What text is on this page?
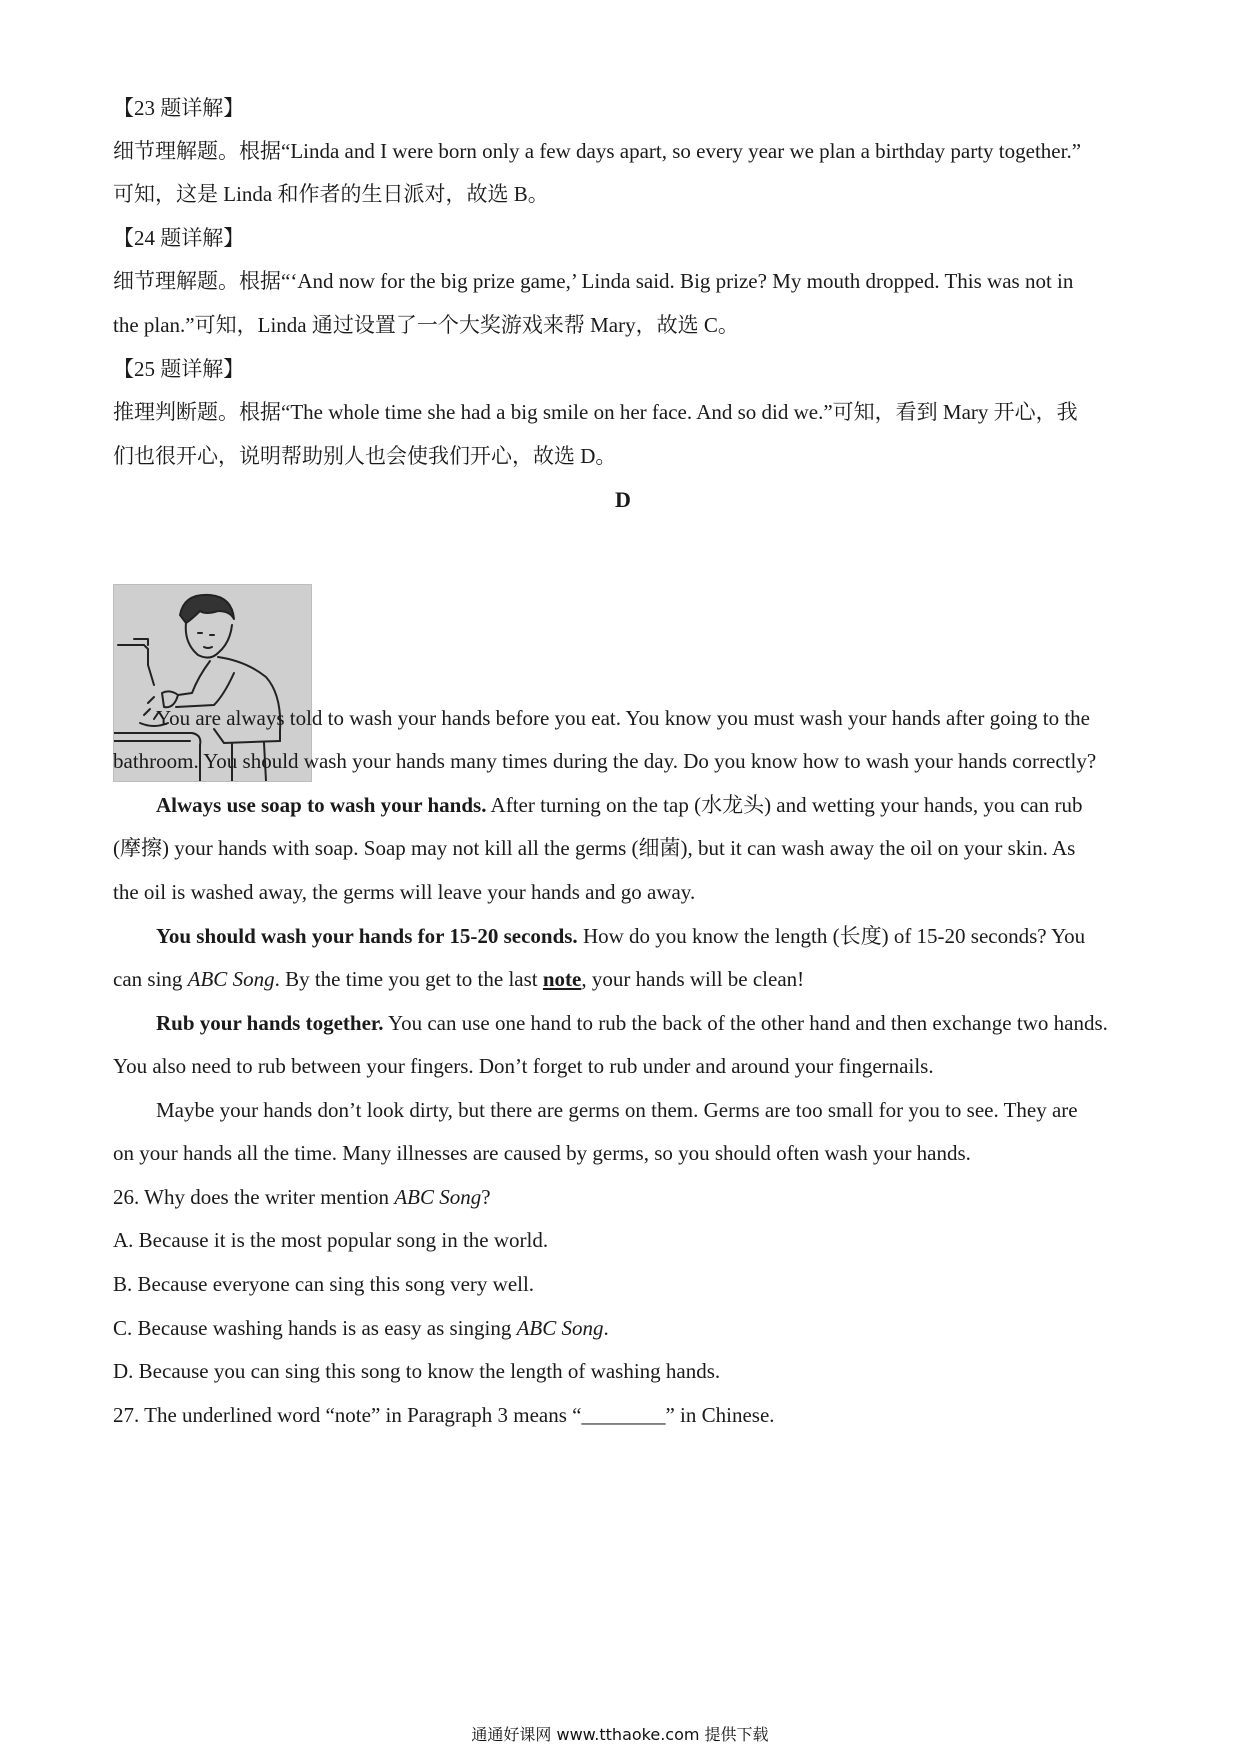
【23 题详解】

细节理解题。根据“Linda and I were born only a few days apart, so every year we plan a birthday party together.”

可知，这是 Linda 和作者的生日派对，故选 B。

【24 题详解】

细节理解题。根据“‘And now for the big prize game,’ Linda said. Big prize? My mouth dropped. This was not in

the plan.”可知，Linda 通过设置了一个大奖游戏来帮 Mary，故选 C。

【25 题详解】

推理判断题。根据“The whole time she had a big smile on her face. And so did we.”可知，看到 Mary 开心，我

们也很开心，说明帮助别人也会使我们开心，故选 D。

D

You are always told to wash your hands before you eat. You know you must wash your hands after going to the

bathroom. You should wash your hands many times during the day. Do you know how to wash your hands correctly?

Always use soap to wash your hands. After turning on the tap (水龙头) and wetting your hands, you can rub

(摩擦) your hands with soap. Soap may not kill all the germs (细菌), but it can wash away the oil on your skin. As

the oil is washed away, the germs will leave your hands and go away.

You should wash your hands for 15-20 seconds. How do you know the length (长度) of 15-20 seconds? You

can sing ABC Song. By the time you get to the last note, your hands will be clean!

Rub your hands together. You can use one hand to rub the back of the other hand and then exchange two hands.

You also need to rub between your fingers. Don’t forget to rub under and around your fingernails.

Maybe your hands don’t look dirty, but there are germs on them. Germs are too small for you to see. They are

on your hands all the time. Many illnesses are caused by germs, so you should often wash your hands.

26. Why does the writer mention ABC Song?

A. Because it is the most popular song in the world.

B. Because everyone can sing this song very well.

C. Because washing hands is as easy as singing ABC Song.

D. Because you can sing this song to know the length of washing hands.

27. The underlined word “note” in Paragraph 3 means “________” in Chinese.

通通好课网 www.tthaoke.com 提供下载
